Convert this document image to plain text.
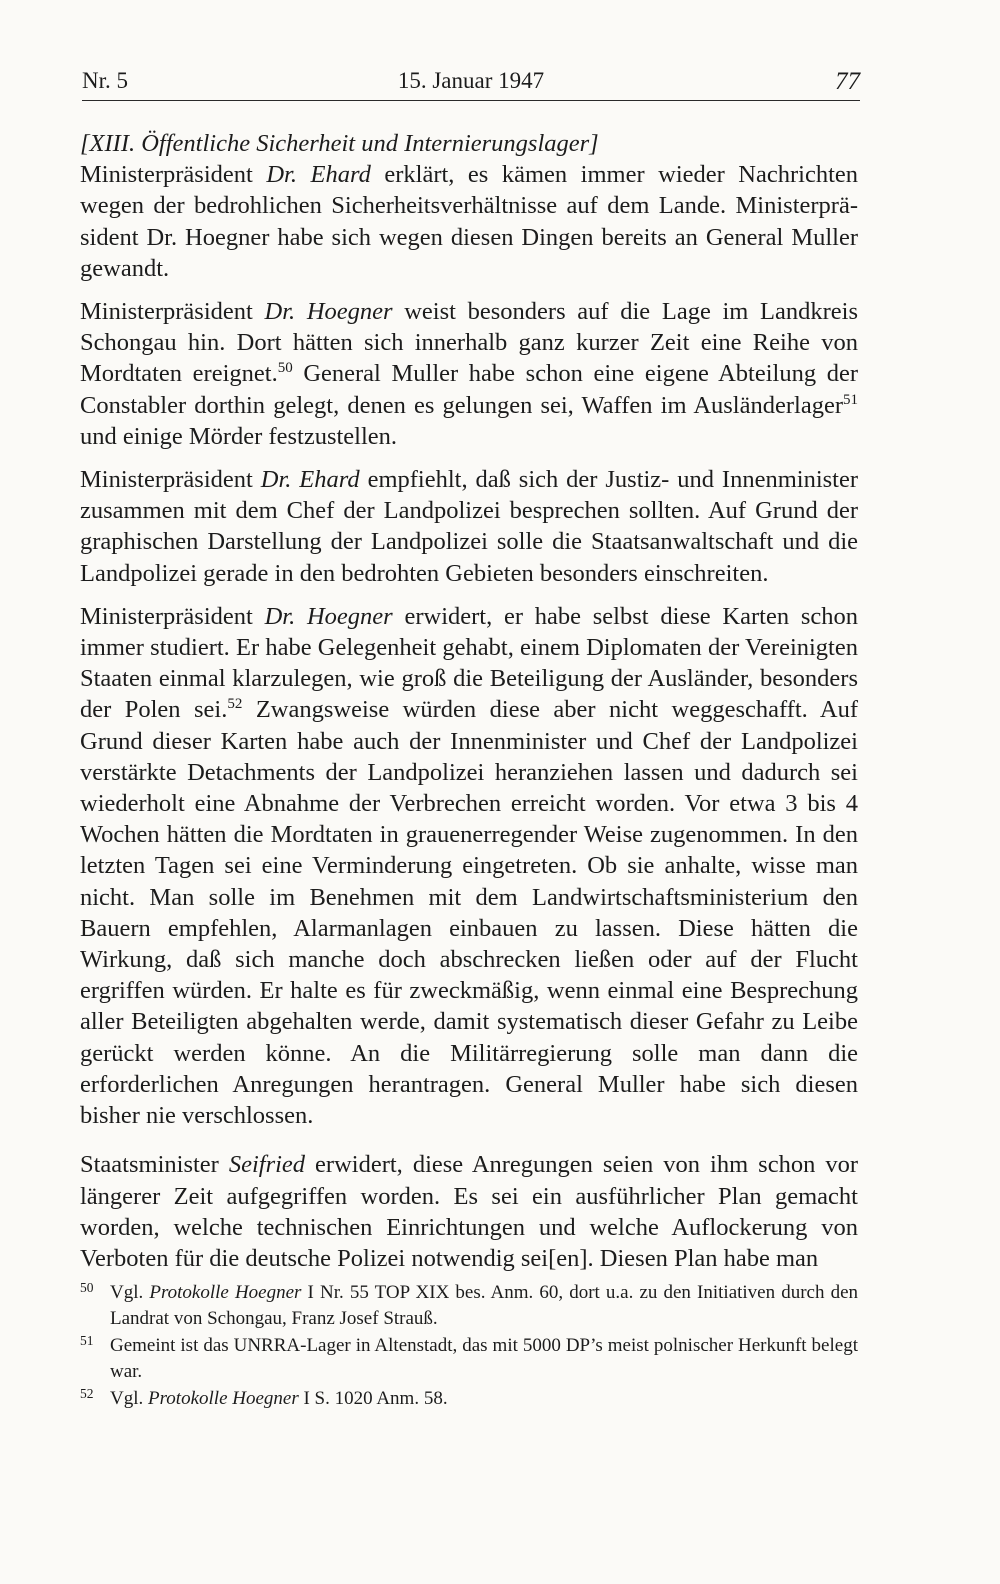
Nr. 5	15. Januar 1947	77

[XIII. Öffentliche Sicherheit und Internierungslager]

Ministerpräsident Dr. Ehard erklärt, es kämen immer wieder Nachrichten wegen der bedrohlichen Sicherheitsverhältnisse auf dem Lande. Ministerpräsident Dr. Hoegner habe sich wegen diesen Dingen bereits an General Muller gewandt.

Ministerpräsident Dr. Hoegner weist besonders auf die Lage im Landkreis Schongau hin. Dort hätten sich innerhalb ganz kurzer Zeit eine Reihe von Mordtaten ereignet.$^{50}$ General Muller habe schon eine eigene Abteilung der Constabler dorthin gelegt, denen es gelungen sei, Waffen im Ausländerlager$^{51}$ und einige Mörder festzustellen.

Ministerpräsident Dr. Ehard empfiehlt, daß sich der Justiz- und Innenminister zusammen mit dem Chef der Landpolizei besprechen sollten. Auf Grund der graphischen Darstellung der Landpolizei solle die Staatsanwaltschaft und die Landpolizei gerade in den bedrohten Gebieten besonders einschreiten.

Ministerpräsident Dr. Hoegner erwidert, er habe selbst diese Karten schon immer studiert. Er habe Gelegenheit gehabt, einem Diplomaten der Vereinigten Staaten einmal klarzulegen, wie groß die Beteiligung der Ausländer, besonders der Polen sei.$^{52}$ Zwangsweise würden diese aber nicht weggeschafft. Auf Grund dieser Karten habe auch der Innenminister und Chef der Landpolizei verstärkte Detachments der Landpolizei heranziehen lassen und dadurch sei wiederholt eine Abnahme der Verbrechen erreicht worden. Vor etwa 3 bis 4 Wochen hätten die Mordtaten in grauenerregender Weise zugenommen. In den letzten Tagen sei eine Verminderung eingetreten. Ob sie anhalte, wisse man nicht. Man solle im Benehmen mit dem Landwirtschaftsministerium den Bauern empfehlen, Alarmanlagen einbauen zu lassen. Diese hätten die Wirkung, daß sich manche doch abschrecken ließen oder auf der Flucht ergriffen würden. Er halte es für zweckmäßig, wenn einmal eine Besprechung aller Beteiligten abgehalten werde, damit systematisch dieser Gefahr zu Leibe gerückt werden könne. An die Militärregierung solle man dann die erforderlichen Anregungen herantragen. General Muller habe sich diesen bisher nie verschlossen.

Staatsminister Seifried erwidert, diese Anregungen seien von ihm schon vor längerer Zeit aufgegriffen worden. Es sei ein ausführlicher Plan gemacht worden, welche technischen Einrichtungen und welche Auflockerung von Verboten für die deutsche Polizei notwendig sei[en]. Diesen Plan habe man

50 Vgl. Protokolle Hoegner I Nr. 55 TOP XIX bes. Anm. 60, dort u.a. zu den Initiativen durch den Landrat von Schongau, Franz Josef Strauß.
51 Gemeint ist das UNRRA-Lager in Altenstadt, das mit 5000 DP’s meist polnischer Herkunft belegt war.
52 Vgl. Protokolle Hoegner I S. 1020 Anm. 58.
